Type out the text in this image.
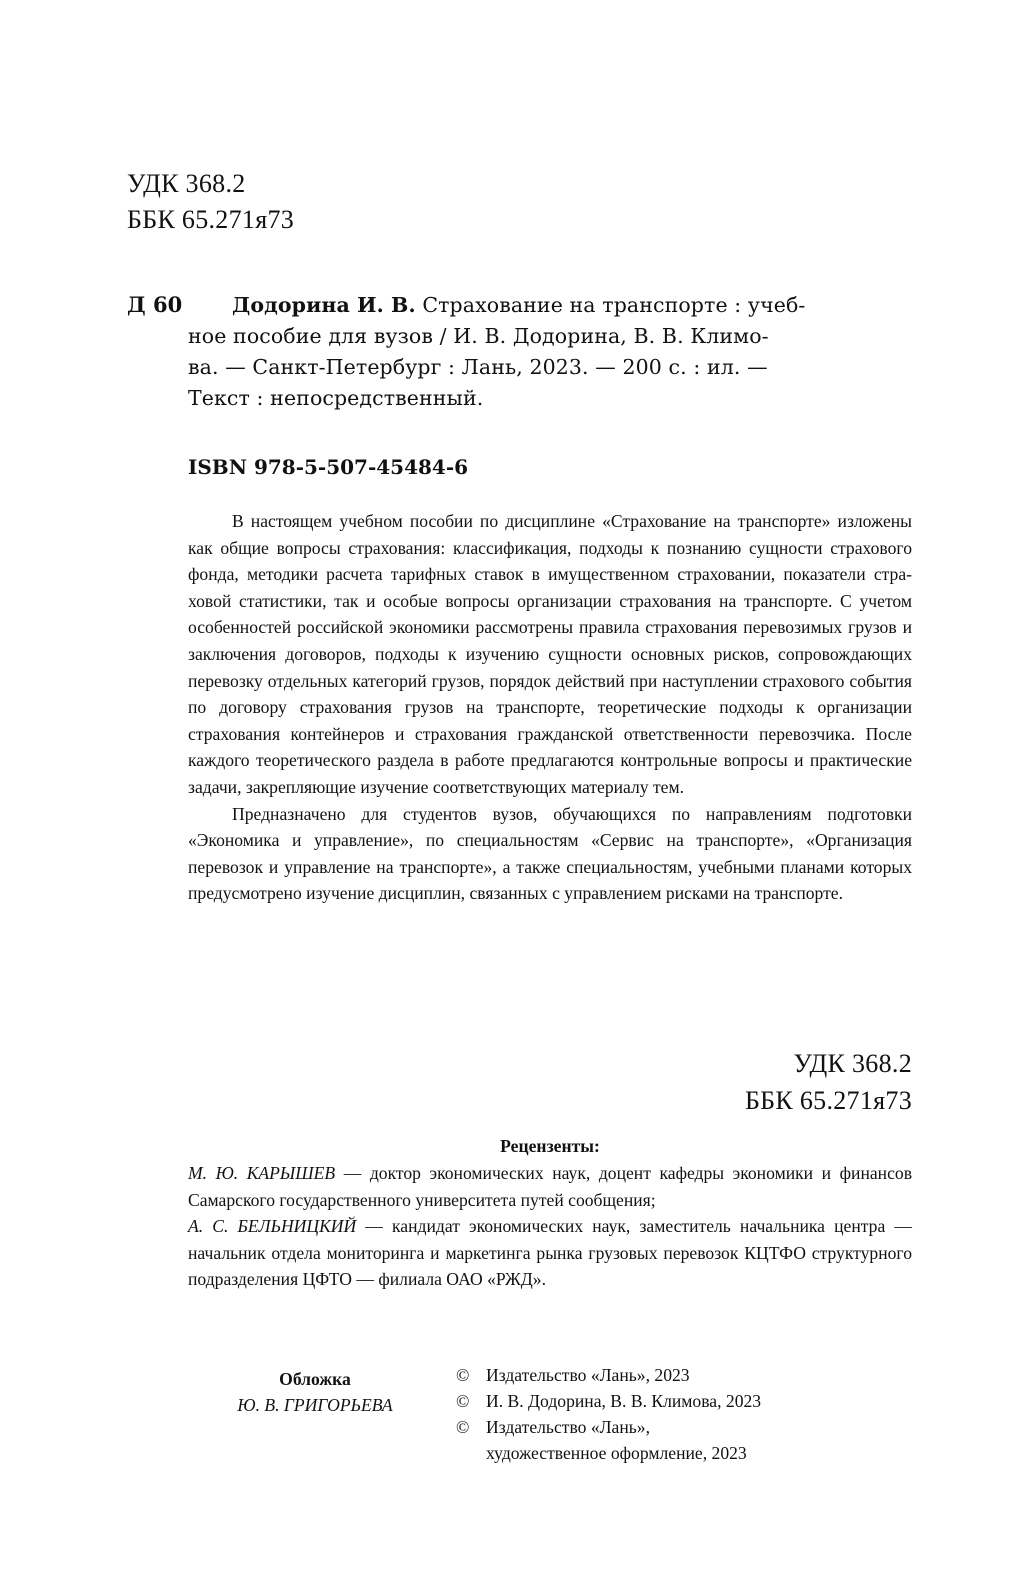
УДК 368.2
ББК 65.271я73
Д 60	Додорина И. В. Страхование на транспорте : учеб-
ное пособие для вузов / И. В. Додорина, В. В. Климо-
ва. — Санкт-Петербург : Лань, 2023. — 200 с. : ил. —
Текст : непосредственный.
ISBN 978-5-507-45484-6

В настоящем учебном пособии по дисциплине «Страхование на транспорте» изложены как общие вопросы страхования: классификация, подходы к познанию сущности страхового фонда, методики расчета тарифных ставок в имущественном страховании, показатели страховой статистики, так и особые вопросы организации страхования на транспорте. С учетом особенностей российской экономики рассмотрены правила страхования перевозимых грузов и заключения договоров, подходы к изучению сущности основных рисков, сопровождающих перевозку отдельных категорий грузов, порядок действий при наступлении страхового события по договору страхования грузов на транспорте, теоретические подходы к организации страхования контейнеров и страхования гражданской ответственности перевозчика. После каждого теоретического раздела в работе предлагаются контрольные вопросы и практические задачи, закрепляющие изучение соответствующих материалу тем.

Предназначено для студентов вузов, обучающихся по направлениям подготовки «Экономика и управление», по специальностям «Сервис на транспорте», «Организация перевозок и управление на транспорте», а также специальностям, учебными планами которых предусмотрено изучение дисциплин, связанных с управлением рисками на транспорте.

УДК 368.2
ББК 65.271я73
Рецензенты:

М. Ю. КАРЫШЕВ — доктор экономических наук, доцент кафедры экономики и финансов Самарского государственного университета путей сообщения;

А. С. БЕЛЬНИЦКИЙ — кандидат экономических наук, заместитель начальника центра — начальник отдела мониторинга и маркетинга рынка грузовых перевозок КЦТФО структурного подразделения ЦФТО — филиала ОАО «РЖД».

Обложка
Ю. В. ГРИГОРЬЕВА
© Издательство «Лань», 2023
© И. В. Додорина, В. В. Климова, 2023
© Издательство «Лань»,
художественное оформление, 2023
